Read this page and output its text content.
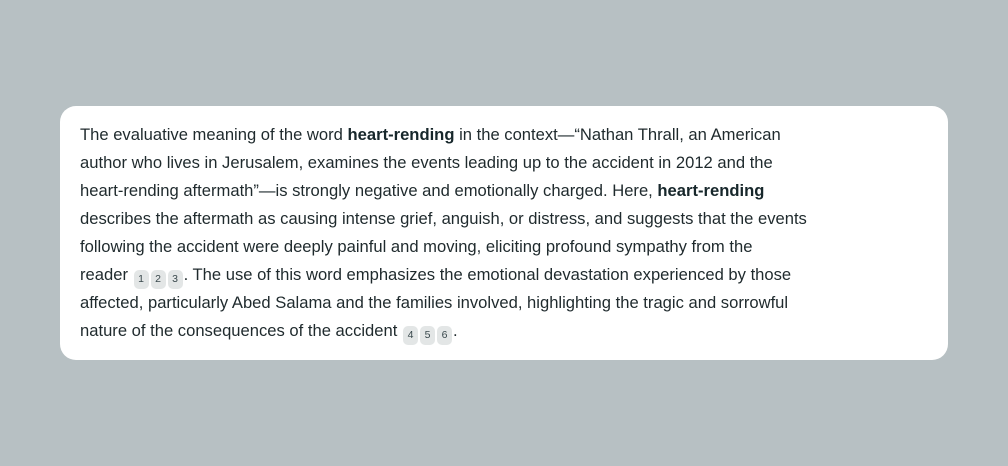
The evaluative meaning of the word heart-rending in the context—“Nathan Thrall, an American
author who lives in Jerusalem, examines the events leading up to the accident in 2012 and the
heart-rending aftermath”—is strongly negative and emotionally charged. Here, heart-rending
describes the aftermath as causing intense grief, anguish, or distress, and suggests that the events
following the accident were deeply painful and moving, eliciting profound sympathy from the
reader 1 2 3 . The use of this word emphasizes the emotional devastation experienced by those
affected, particularly Abed Salama and the families involved, highlighting the tragic and sorrowful
nature of the consequences of the accident 4 5 6 .
